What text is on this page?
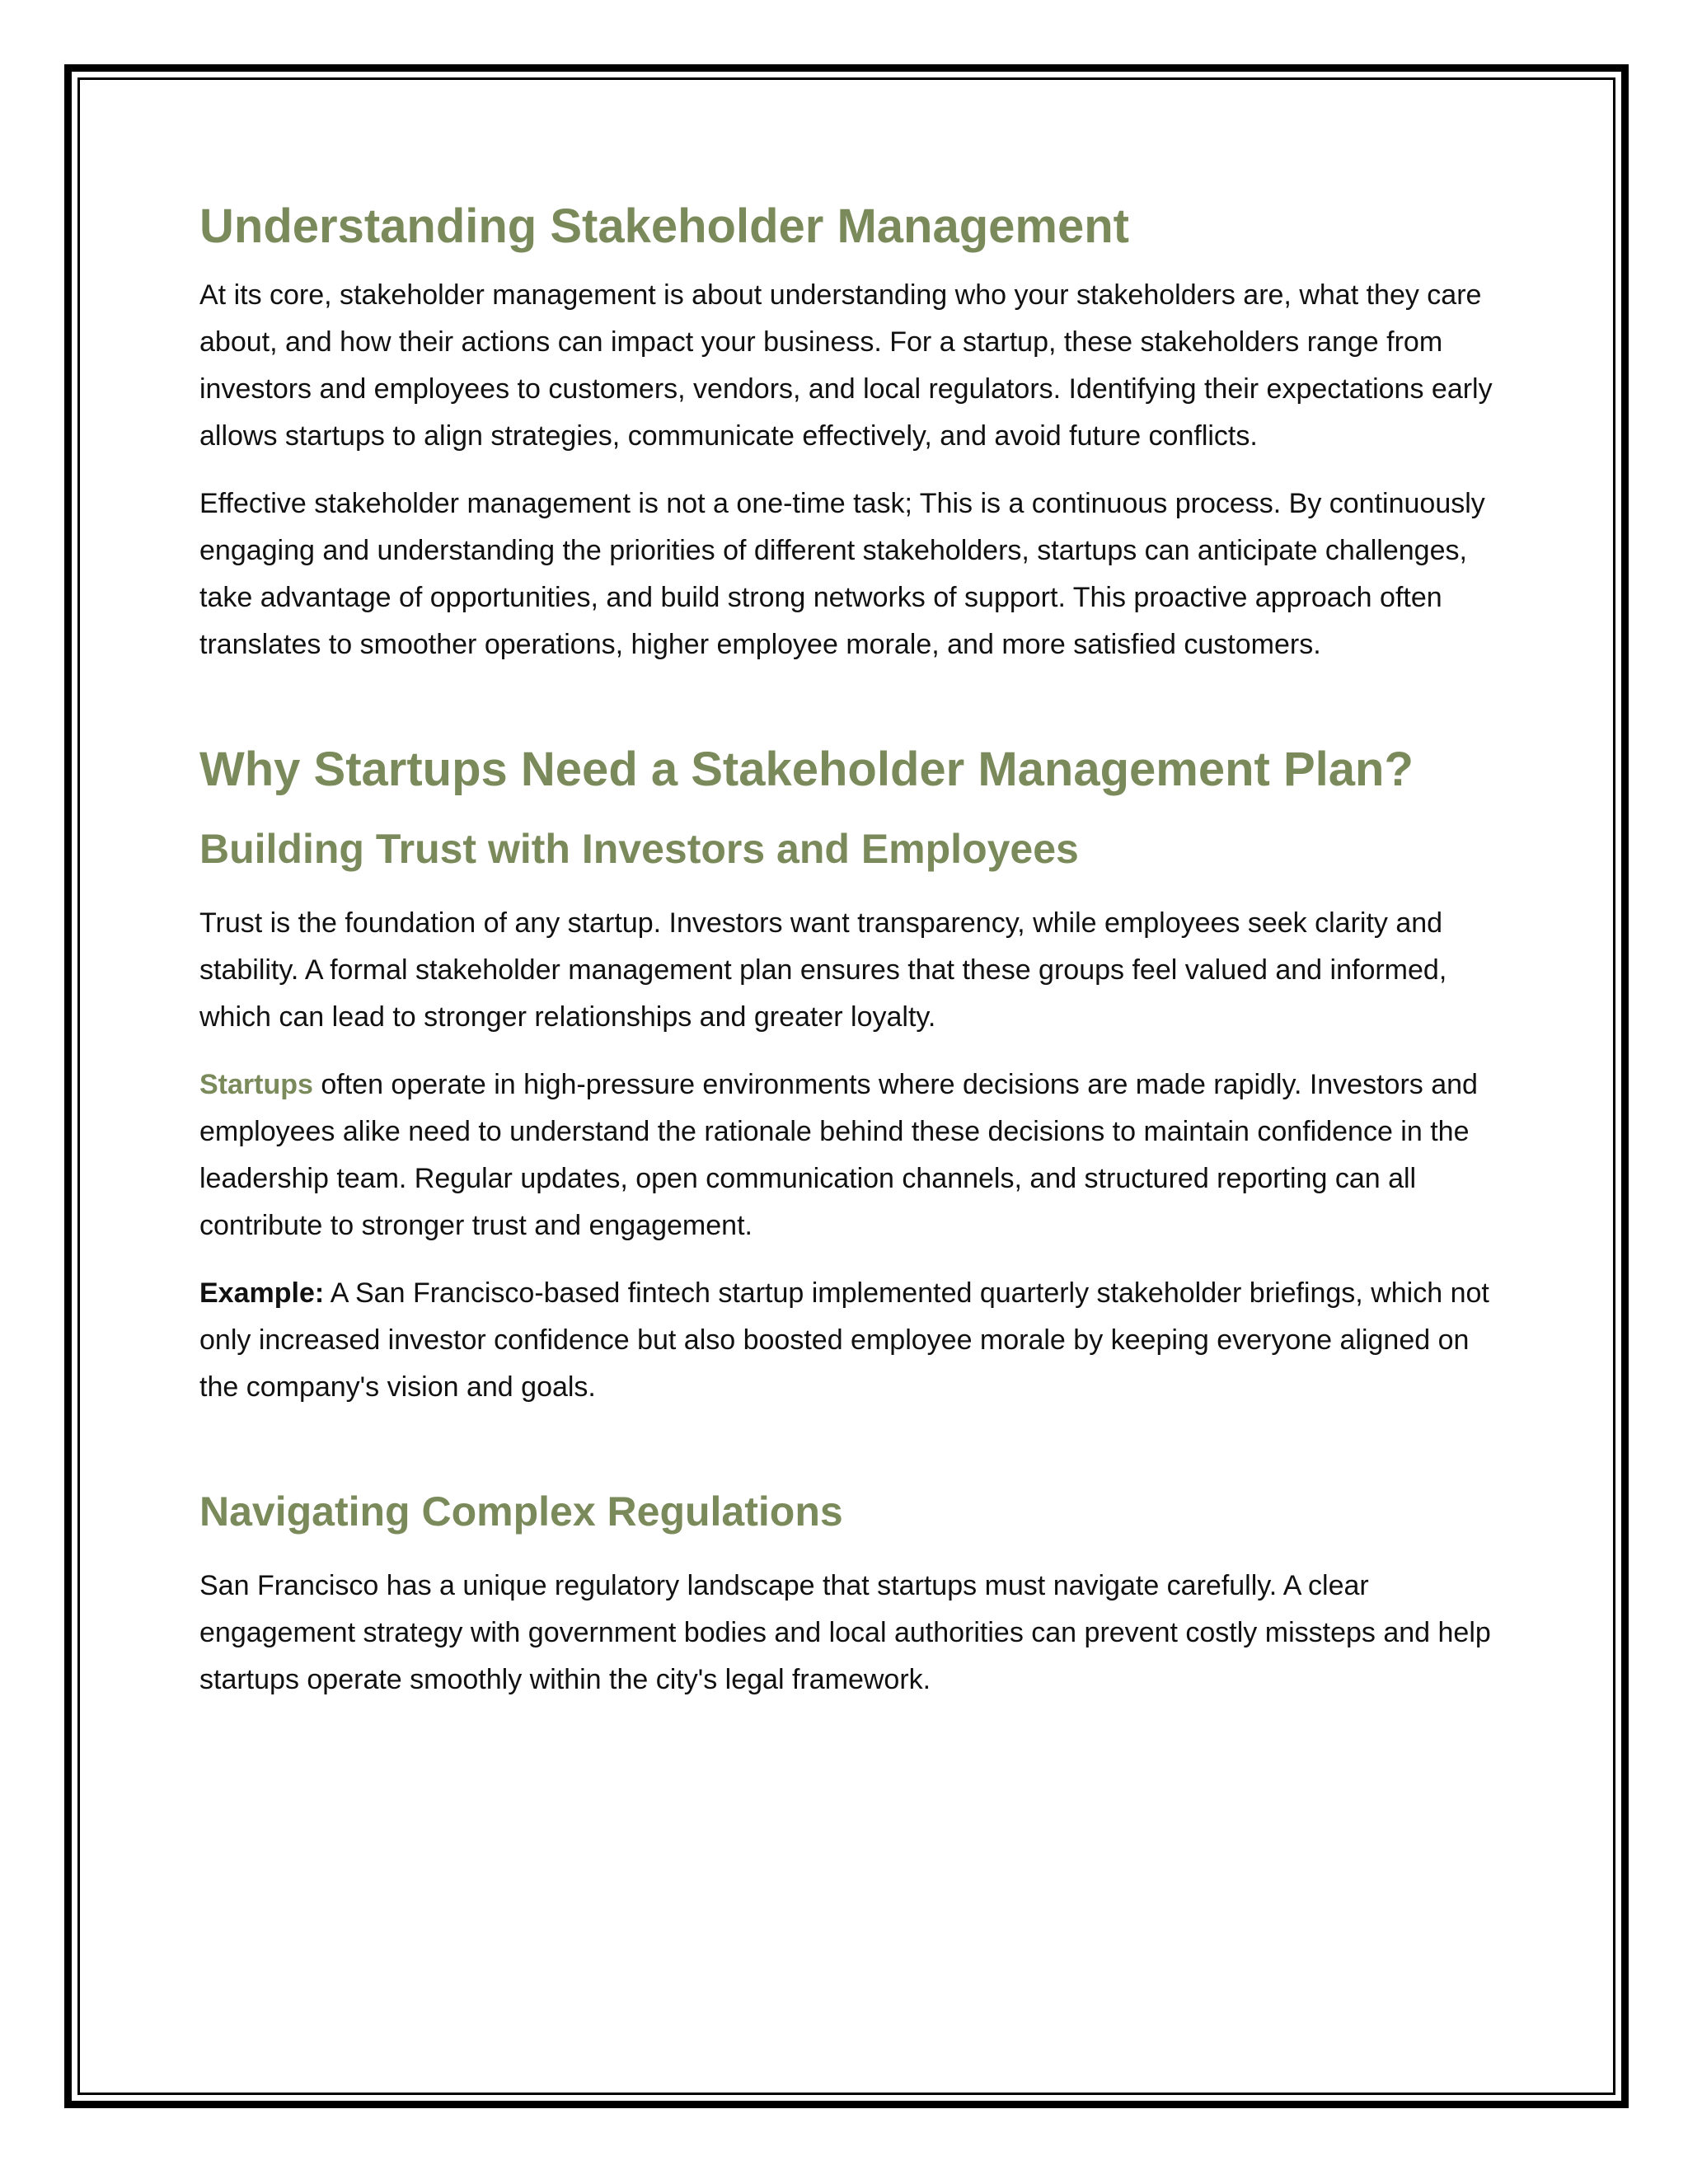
Understanding Stakeholder Management

At its core, stakeholder management is about understanding who your stakeholders are, what they care about, and how their actions can impact your business. For a startup, these stakeholders range from investors and employees to customers, vendors, and local regulators. Identifying their expectations early allows startups to align strategies, communicate effectively, and avoid future conflicts.

Effective stakeholder management is not a one-time task; This is a continuous process. By continuously engaging and understanding the priorities of different stakeholders, startups can anticipate challenges, take advantage of opportunities, and build strong networks of support. This proactive approach often translates to smoother operations, higher employee morale, and more satisfied customers.

Why Startups Need a Stakeholder Management Plan?
Building Trust with Investors and Employees

Trust is the foundation of any startup. Investors want transparency, while employees seek clarity and stability. A formal stakeholder management plan ensures that these groups feel valued and informed, which can lead to stronger relationships and greater loyalty.

Startups often operate in high-pressure environments where decisions are made rapidly. Investors and employees alike need to understand the rationale behind these decisions to maintain confidence in the leadership team. Regular updates, open communication channels, and structured reporting can all contribute to stronger trust and engagement.

Example: A San Francisco-based fintech startup implemented quarterly stakeholder briefings, which not only increased investor confidence but also boosted employee morale by keeping everyone aligned on the company's vision and goals.

Navigating Complex Regulations

San Francisco has a unique regulatory landscape that startups must navigate carefully. A clear engagement strategy with government bodies and local authorities can prevent costly missteps and help startups operate smoothly within the city's legal framework.
